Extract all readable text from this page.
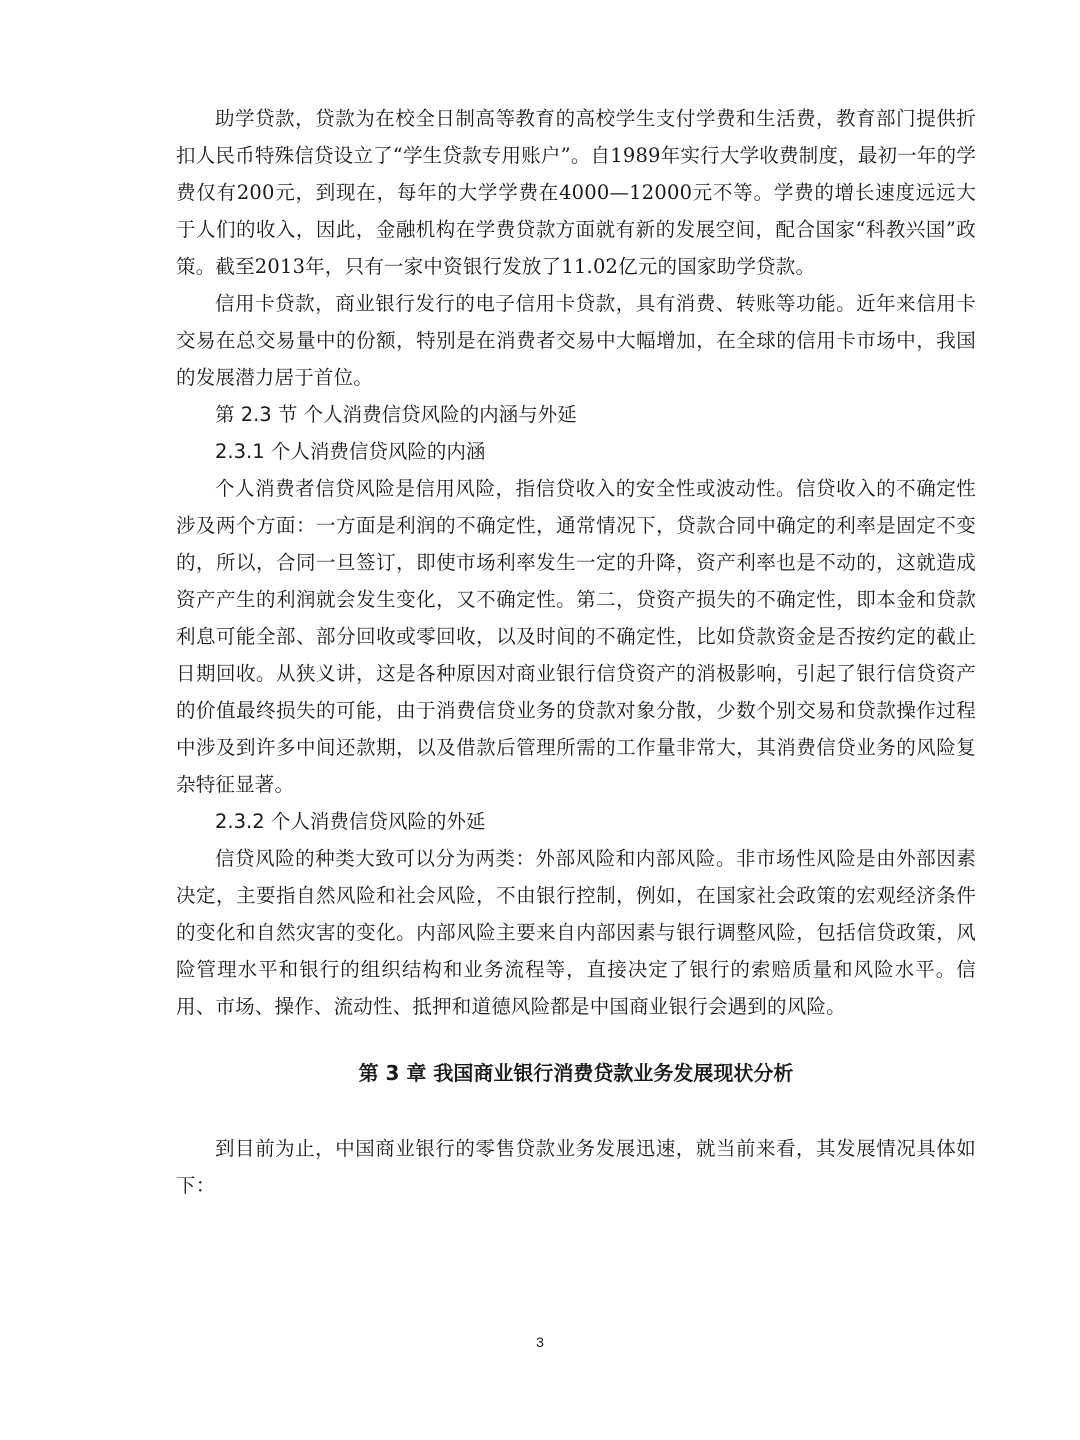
助学贷款，贷款为在校全日制高等教育的高校学生支付学费和生活费，教育部门提供折扣人民币特殊信贷设立了“学生贷款专用账户”。自1989年实行大学收费制度，最初一年的学费仅有200元，到现在，每年的大学学费在4000—12000元不等。学费的增长速度远远大于人们的收入，因此，金融机构在学费贷款方面就有新的发展空间，配合国家“科教兴国”政策。截至2013年，只有一家中资银行发放了11.02亿元的国家助学贷款。

信用卡贷款，商业银行发行的电子信用卡贷款，具有消费、转账等功能。近年来信用卡交易在总交易量中的份额，特别是在消费者交易中大幅增加，在全球的信用卡市场中，我国的发展潜力居于首位。

第 2.3 节 个人消费信贷风险的内涵与外延

2.3.1 个人消费信贷风险的内涵

个人消费者信贷风险是信用风险，指信贷收入的安全性或波动性。信贷收入的不确定性涉及两个方面：一方面是利润的不确定性，通常情况下，贷款合同中确定的利率是固定不变的，所以，合同一旦签订，即使市场利率发生一定的升降，资产利率也是不动的，这就造成资产产生的利润就会发生变化，又不确定性。第二，贷资产损失的不确定性，即本金和贷款利息可能全部、部分回收或零回收，以及时间的不确定性，比如贷款资金是否按约定的截止日期回收。从狭义讲，这是各种原因对商业银行信贷资产的消极影响，引起了银行信贷资产的价值最终损失的可能，由于消费信贷业务的贷款对象分散，少数个别交易和贷款操作过程中涉及到许多中间还款期，以及借款后管理所需的工作量非常大，其消费信贷业务的风险复杂特征显著。

2.3.2 个人消费信贷风险的外延

信贷风险的种类大致可以分为两类：外部风险和内部风险。非市场性风险是由外部因素决定，主要指自然风险和社会风险，不由银行控制，例如，在国家社会政策的宏观经济条件的变化和自然灾害的变化。内部风险主要来自内部因素与银行调整风险，包括信贷政策，风险管理水平和银行的组织结构和业务流程等，直接决定了银行的索赔质量和风险水平。信用、市场、操作、流动性、抵押和道德风险都是中国商业银行会遇到的风险。

第 3 章 我国商业银行消费贷款业务发展现状分析

到目前为止，中国商业银行的零售贷款业务发展迅速，就当前来看，其发展情况具体如下：

3
